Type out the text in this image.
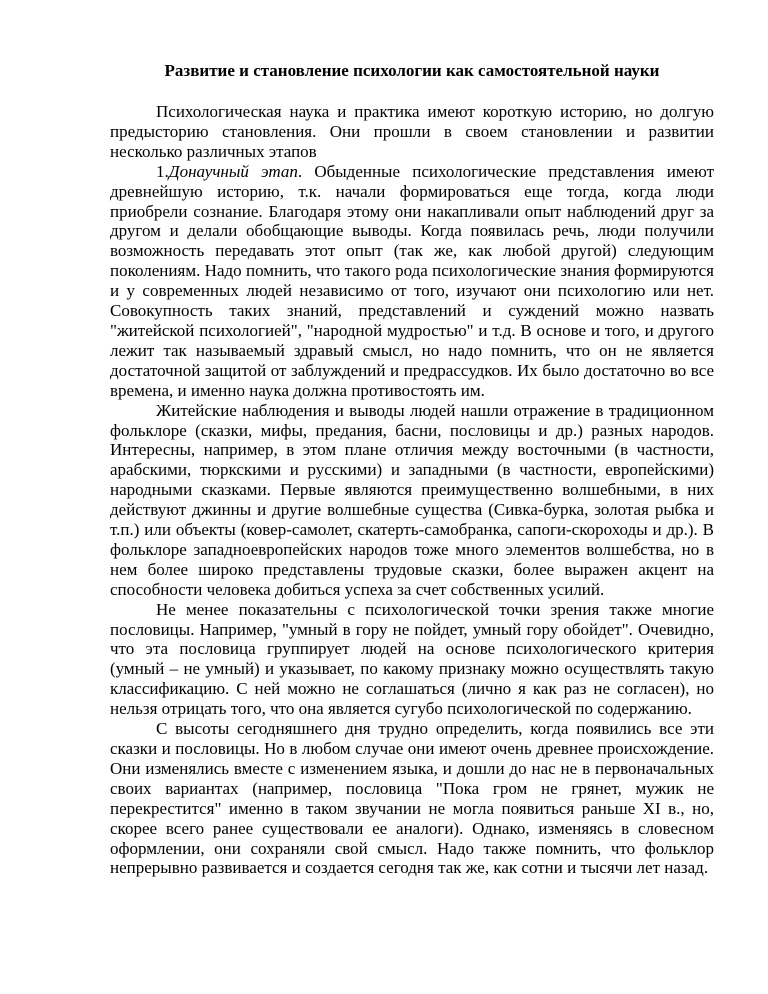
Развитие и становление психологии как самостоятельной науки

Психологическая наука и практика имеют короткую историю, но долгую предысторию становления. Они прошли в своем становлении и развитии несколько различных этапов

1.Донаучный этап. Обыденные психологические представления имеют древнейшую историю, т.к. начали формироваться еще тогда, когда люди приобрели сознание. Благодаря этому они накапливали опыт наблюдений друг за другом и делали обобщающие выводы. Когда появилась речь, люди получили возможность передавать этот опыт (так же, как любой другой) следующим поколениям. Надо помнить, что такого рода психологические знания формируются и у современных людей независимо от того, изучают они психологию или нет. Совокупность таких знаний, представлений и суждений можно назвать "житейской психологией", "народной мудростью" и т.д. В основе и того, и другого лежит так называемый здравый смысл, но надо помнить, что он не является достаточной защитой от заблуждений и предрассудков. Их было достаточно во все времена, и именно наука должна противостоять им.

Житейские наблюдения и выводы людей нашли отражение в традиционном фольклоре (сказки, мифы, предания, басни, пословицы и др.) разных народов. Интересны, например, в этом плане отличия между восточными (в частности, арабскими, тюркскими и русскими) и западными (в частности, европейскими) народными сказками. Первые являются преимущественно волшебными, в них действуют джинны и другие волшебные существа (Сивка-бурка, золотая рыбка и т.п.) или объекты (ковер-самолет, скатерть-самобранка, сапоги-скороходы и др.). В фольклоре западноевропейских народов тоже много элементов волшебства, но в нем более широко представлены трудовые сказки, более выражен акцент на способности человека добиться успеха за счет собственных усилий.

Не менее показательны с психологической точки зрения также многие пословицы. Например, "умный в гору не пойдет, умный гору обойдет". Очевидно, что эта пословица группирует людей на основе психологического критерия (умный – не умный) и указывает, по какому признаку можно осуществлять такую классификацию. С ней можно не соглашаться (лично я как раз не согласен), но нельзя отрицать того, что она является сугубо психологической по содержанию.

С высоты сегодняшнего дня трудно определить, когда появились все эти сказки и пословицы. Но в любом случае они имеют очень древнее происхождение. Они изменялись вместе с изменением языка, и дошли до нас не в первоначальных своих вариантах (например, пословица "Пока гром не грянет, мужик не перекрестится" именно в таком звучании не могла появиться раньше XI в., но, скорее всего ранее существовали ее аналоги). Однако, изменяясь в словесном оформлении, они сохраняли свой смысл. Надо также помнить, что фольклор непрерывно развивается и создается сегодня так же, как сотни и тысячи лет назад.
